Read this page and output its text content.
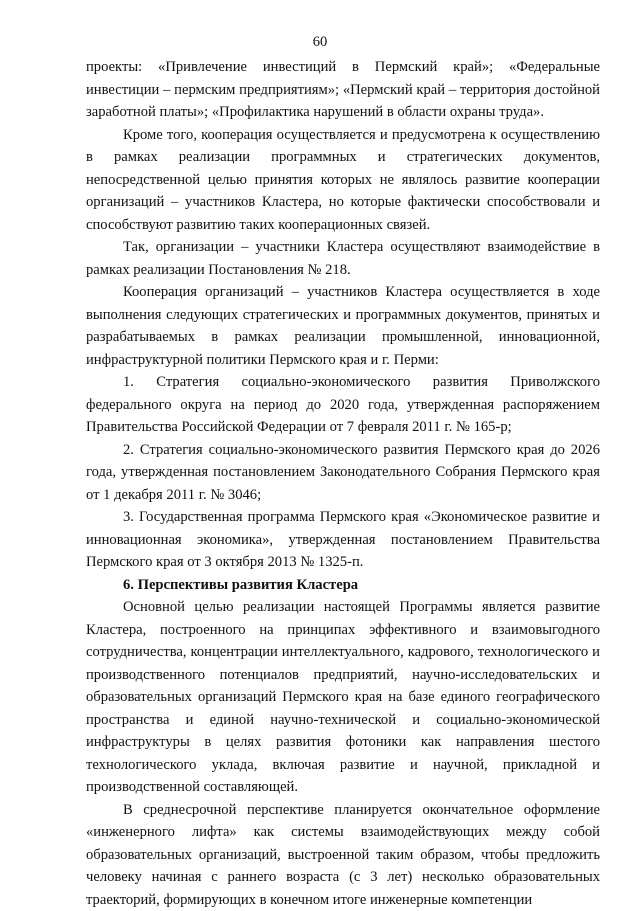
60

проекты: «Привлечение инвестиций в Пермский край»; «Федеральные инвестиции – пермским предприятиям»; «Пермский край – территория достойной заработной платы»; «Профилактика нарушений в области охраны труда».

Кроме того, кооперация осуществляется и предусмотрена к осуществлению в рамках реализации программных и стратегических документов, непосредственной целью принятия которых не являлось развитие кооперации организаций – участников Кластера, но которые фактически способствовали и способствуют развитию таких кооперационных связей.

Так, организации – участники Кластера осуществляют взаимодействие в рамках реализации Постановления № 218.

Кооперация организаций – участников Кластера осуществляется в ходе выполнения следующих стратегических и программных документов, принятых и разрабатываемых в рамках реализации промышленной, инновационной, инфраструктурной политики Пермского края и г. Перми:

1. Стратегия социально-экономического развития Приволжского федерального округа на период до 2020 года, утвержденная распоряжением Правительства Российской Федерации от 7 февраля 2011 г. № 165-р;

2. Стратегия социально-экономического развития Пермского края до 2026 года, утвержденная постановлением Законодательного Собрания Пермского края от 1 декабря 2011 г. № 3046;

3. Государственная программа Пермского края «Экономическое развитие и инновационная экономика», утвержденная постановлением Правительства Пермского края от 3 октября 2013 № 1325-п.

6. Перспективы развития Кластера

Основной целью реализации настоящей Программы является развитие Кластера, построенного на принципах эффективного и взаимовыгодного сотрудничества, концентрации интеллектуального, кадрового, технологического и производственного потенциалов предприятий, научно-исследовательских и образовательных организаций Пермского края на базе единого географического пространства и единой научно-технической и социально-экономической инфраструктуры в целях развития фотоники как направления шестого технологического уклада, включая развитие и научной, прикладной и производственной составляющей.

В среднесрочной перспективе планируется окончательное оформление «инженерного лифта» как системы взаимодействующих между собой образовательных организаций, выстроенной таким образом, чтобы предложить человеку начиная с раннего возраста (с 3 лет) несколько образовательных траекторий, формирующих в конечном итоге инженерные компетенции
